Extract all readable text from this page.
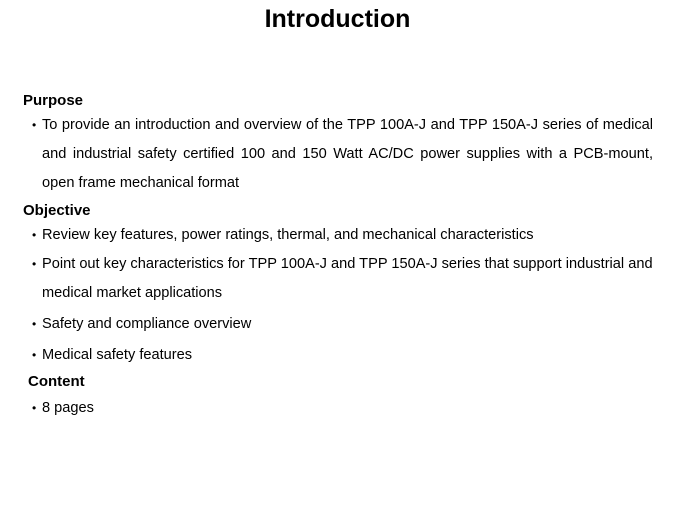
Introduction

Purpose

• To provide an introduction and overview of the TPP 100A-J and TPP 150A-J series of medical and industrial safety certified 100 and 150 Watt AC/DC power supplies with a PCB-mount, open frame mechanical format

Objective

• Review key features, power ratings, thermal, and mechanical characteristics
• Point out key characteristics for TPP 100A-J and TPP 150A-J series that support industrial and medical market applications
• Safety and compliance overview
• Medical safety features

Content

• 8 pages
